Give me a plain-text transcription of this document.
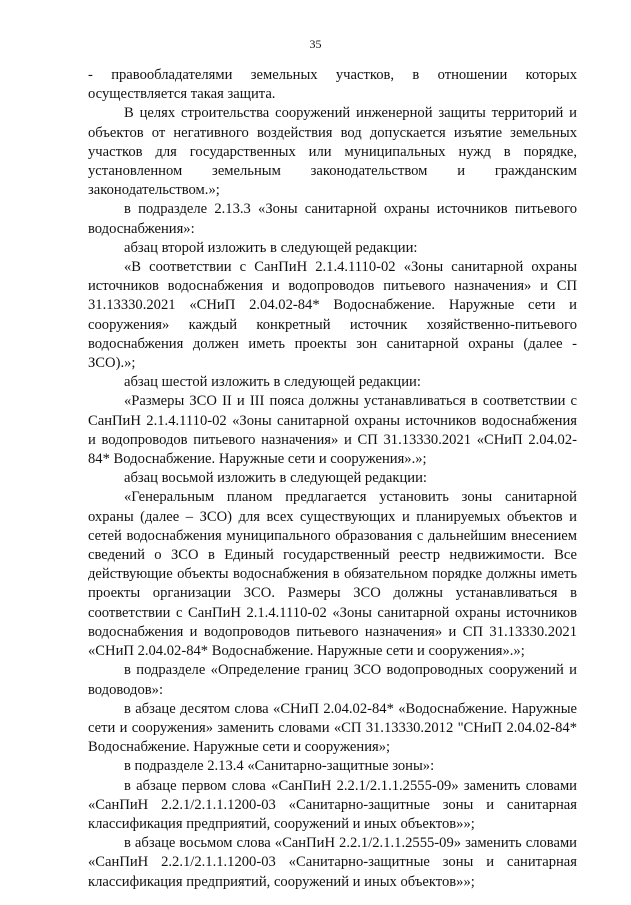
35

- правообладателями земельных участков, в отношении которых осуществляется такая защита.

В целях строительства сооружений инженерной защиты территорий и объектов от негативного воздействия вод допускается изъятие земельных участков для государственных или муниципальных нужд в порядке, установленном земельным законодательством и гражданским законодательством.»;

в подразделе 2.13.3 «Зоны санитарной охраны источников питьевого водоснабжения»:

абзац второй изложить в следующей редакции:

«В соответствии с СанПиН 2.1.4.1110-02 «Зоны санитарной охраны источников водоснабжения и водопроводов питьевого назначения» и СП 31.13330.2021 «СНиП 2.04.02-84* Водоснабжение. Наружные сети и сооружения» каждый конкретный источник хозяйственно-питьевого водоснабжения должен иметь проекты зон санитарной охраны (далее - ЗСО).»;

абзац шестой изложить в следующей редакции:

«Размеры ЗСО II и III пояса должны устанавливаться в соответствии с СанПиН 2.1.4.1110-02 «Зоны санитарной охраны источников водоснабжения и водопроводов питьевого назначения» и СП 31.13330.2021 «СНиП 2.04.02-84* Водоснабжение. Наружные сети и сооружения».»;

абзац восьмой изложить в следующей редакции:

«Генеральным планом предлагается установить зоны санитарной охраны (далее – ЗСО) для всех существующих и планируемых объектов и сетей водоснабжения муниципального образования с дальнейшим внесением сведений о ЗСО в Единый государственный реестр недвижимости. Все действующие объекты водоснабжения в обязательном порядке должны иметь проекты организации ЗСО. Размеры ЗСО должны устанавливаться в соответствии с СанПиН 2.1.4.1110-02 «Зоны санитарной охраны источников водоснабжения и водопроводов питьевого назначения» и СП 31.13330.2021 «СНиП 2.04.02-84* Водоснабжение. Наружные сети и сооружения».»;

в подразделе «Определение границ ЗСО водопроводных сооружений и водоводов»:

в абзаце десятом слова «СНиП 2.04.02-84* «Водоснабжение. Наружные сети и сооружения» заменить словами «СП 31.13330.2012 "СНиП 2.04.02-84* Водоснабжение. Наружные сети и сооружения»;

в подразделе 2.13.4 «Санитарно-защитные зоны»:

в абзаце первом слова «СанПиН 2.2.1/2.1.1.2555-09» заменить словами «СанПиН 2.2.1/2.1.1.1200-03 «Санитарно-защитные зоны и санитарная классификация предприятий, сооружений и иных объектов»»;

в абзаце восьмом слова «СанПиН 2.2.1/2.1.1.2555-09» заменить словами «СанПиН 2.2.1/2.1.1.1200-03 «Санитарно-защитные зоны и санитарная классификация предприятий, сооружений и иных объектов»»;
